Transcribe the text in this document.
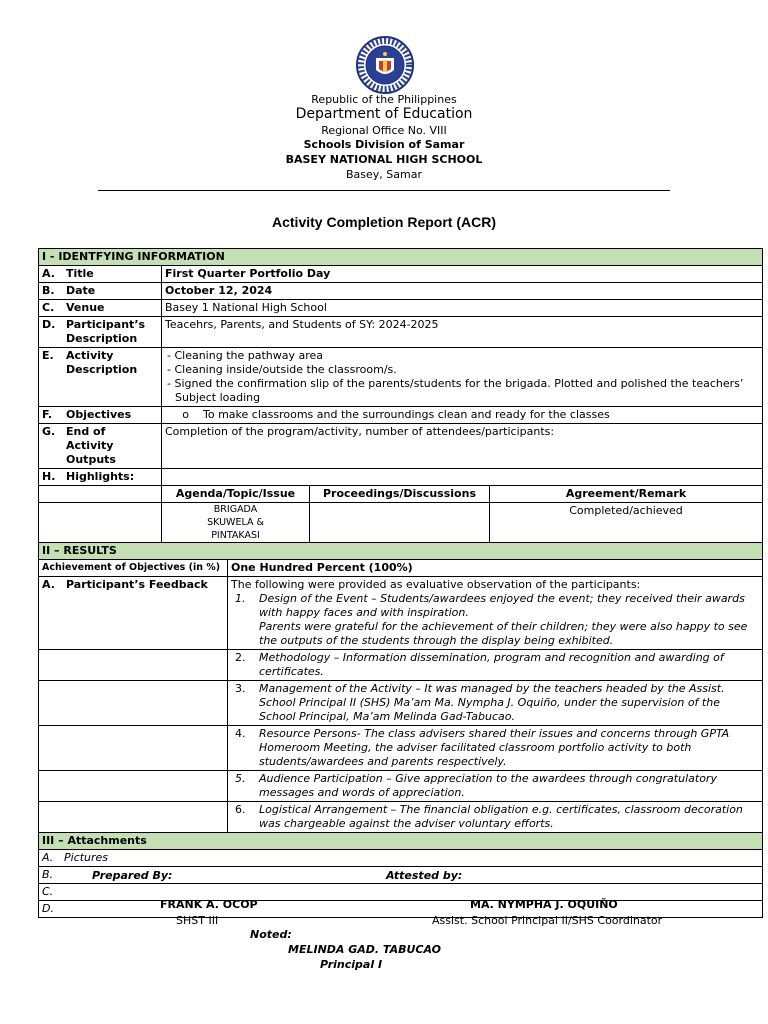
Republic of the Philippines
Department of Education
Regional Office No. VIII
Schools Division of Samar
BASEY NATIONAL HIGH SCHOOL
Basey, Samar
Activity Completion Report (ACR)
I - IDENTFYING INFORMATION				
A. Title	First Quarter Portfolio Day			
B. Date	October 12, 2024			
C. Venue	Basey 1 National High School			
D. Participant’s Description	Teacehrs, Parents, and Students of SY: 2024-2025			
E. Activity Description	- Cleaning the pathway area
- Cleaning inside/outside the classroom/s.
- Signed the confirmation slip of the parents/students for the brigada. Plotted and polished the teachers’ Subject loading			

F. Objectives	o To make classrooms and the surroundings clean and ready for the classes			
G. End of Activity Outputs	Completion of the program/activity, number of attendees/participants:			
H. Highlights:				
	Agenda/Topic/Issue		Proceedings/Discussions	Agreement/Remark
	BRIGADA SKUWELA & PINTAKASI			Completed/achieved
II – RESULTS				
Achievement of Objectives (in %)		One Hundred Percent (100%)		
A. Participant’s Feedback		The following were provided as evaluative observation of the participants:
1. Design of the Event – Students/awardees enjoyed the event; they received their awards with happy faces and with inspiration.
Parents were grateful for the achievement of their children; they were also happy to see the outputs of the students through the display being exhibited.		

		2. Methodology – Information dissemination, program and recognition and awarding of certificates.		

		3. Management of the Activity – It was managed by the teachers headed by the Assist. School Principal II (SHS) Ma’am Ma. Nympha J. Oquiño, under the supervision of the School Principal, Ma’am Melinda Gad-Tabucao.		

		4. Resource Persons- The class advisers shared their issues and concerns through GPTA Homeroom Meeting, the adviser facilitated classroom portfolio activity to both students/awardees and parents respectively.		

		5. Audience Participation – Give appreciation to the awardees through congratulatory messages and words of appreciation.		

		6. Logistical Arrangement – The financial obligation e.g. certificates, classroom decoration was chargeable against the adviser voluntary efforts.		

III – Attachments				
A. Pictures				
B.				
C.				
D.				
Prepared By:	Attested by:
FRANK A. OCOP
SHST III
MA. NYMPHA J. OQUIÑO
Assist. School Principal II/SHS Coordinator
Noted:
MELINDA GAD. TABUCAO
Principal I
